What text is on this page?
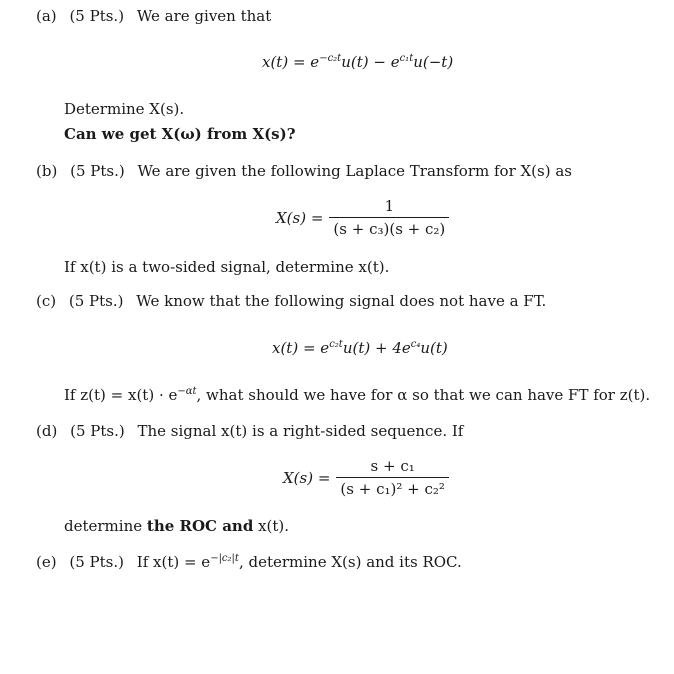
(a) (5 Pts.) We are given that
$x(t) = e^{-c_2t}u(t) - e^{c_1t}u(-t)$
Determine X(s).
Can we get X(ω) from X(s)?
(b) (5 Pts.) We are given the following Laplace Transform for X(s) as
$X(s) = \frac{1}{\text{(s + c₃)(s + c₂)}}$
If x(t) is a two-sided signal, determine x(t).
(c) (5 Pts.) We know that the following signal does not have a FT.
$x(t) = e^{c_2t}u(t) + 4e^{c_4}u(t)$
If $z(t) = x(t) \cdot e^{-\alpha t}$, what should we have for α so that we can have FT for z(t).
(d) (5 Pts.) The signal x(t) is a right-sided sequence. If
$X(s) = \frac{\text{s + c₁}}{\text{(s + c₁)² + c₂²}}$
determine the ROC and x(t).
(e) (5 Pts.) If $x(t) = e^{-|c_2|t}$, determine X(s) and its ROC.
